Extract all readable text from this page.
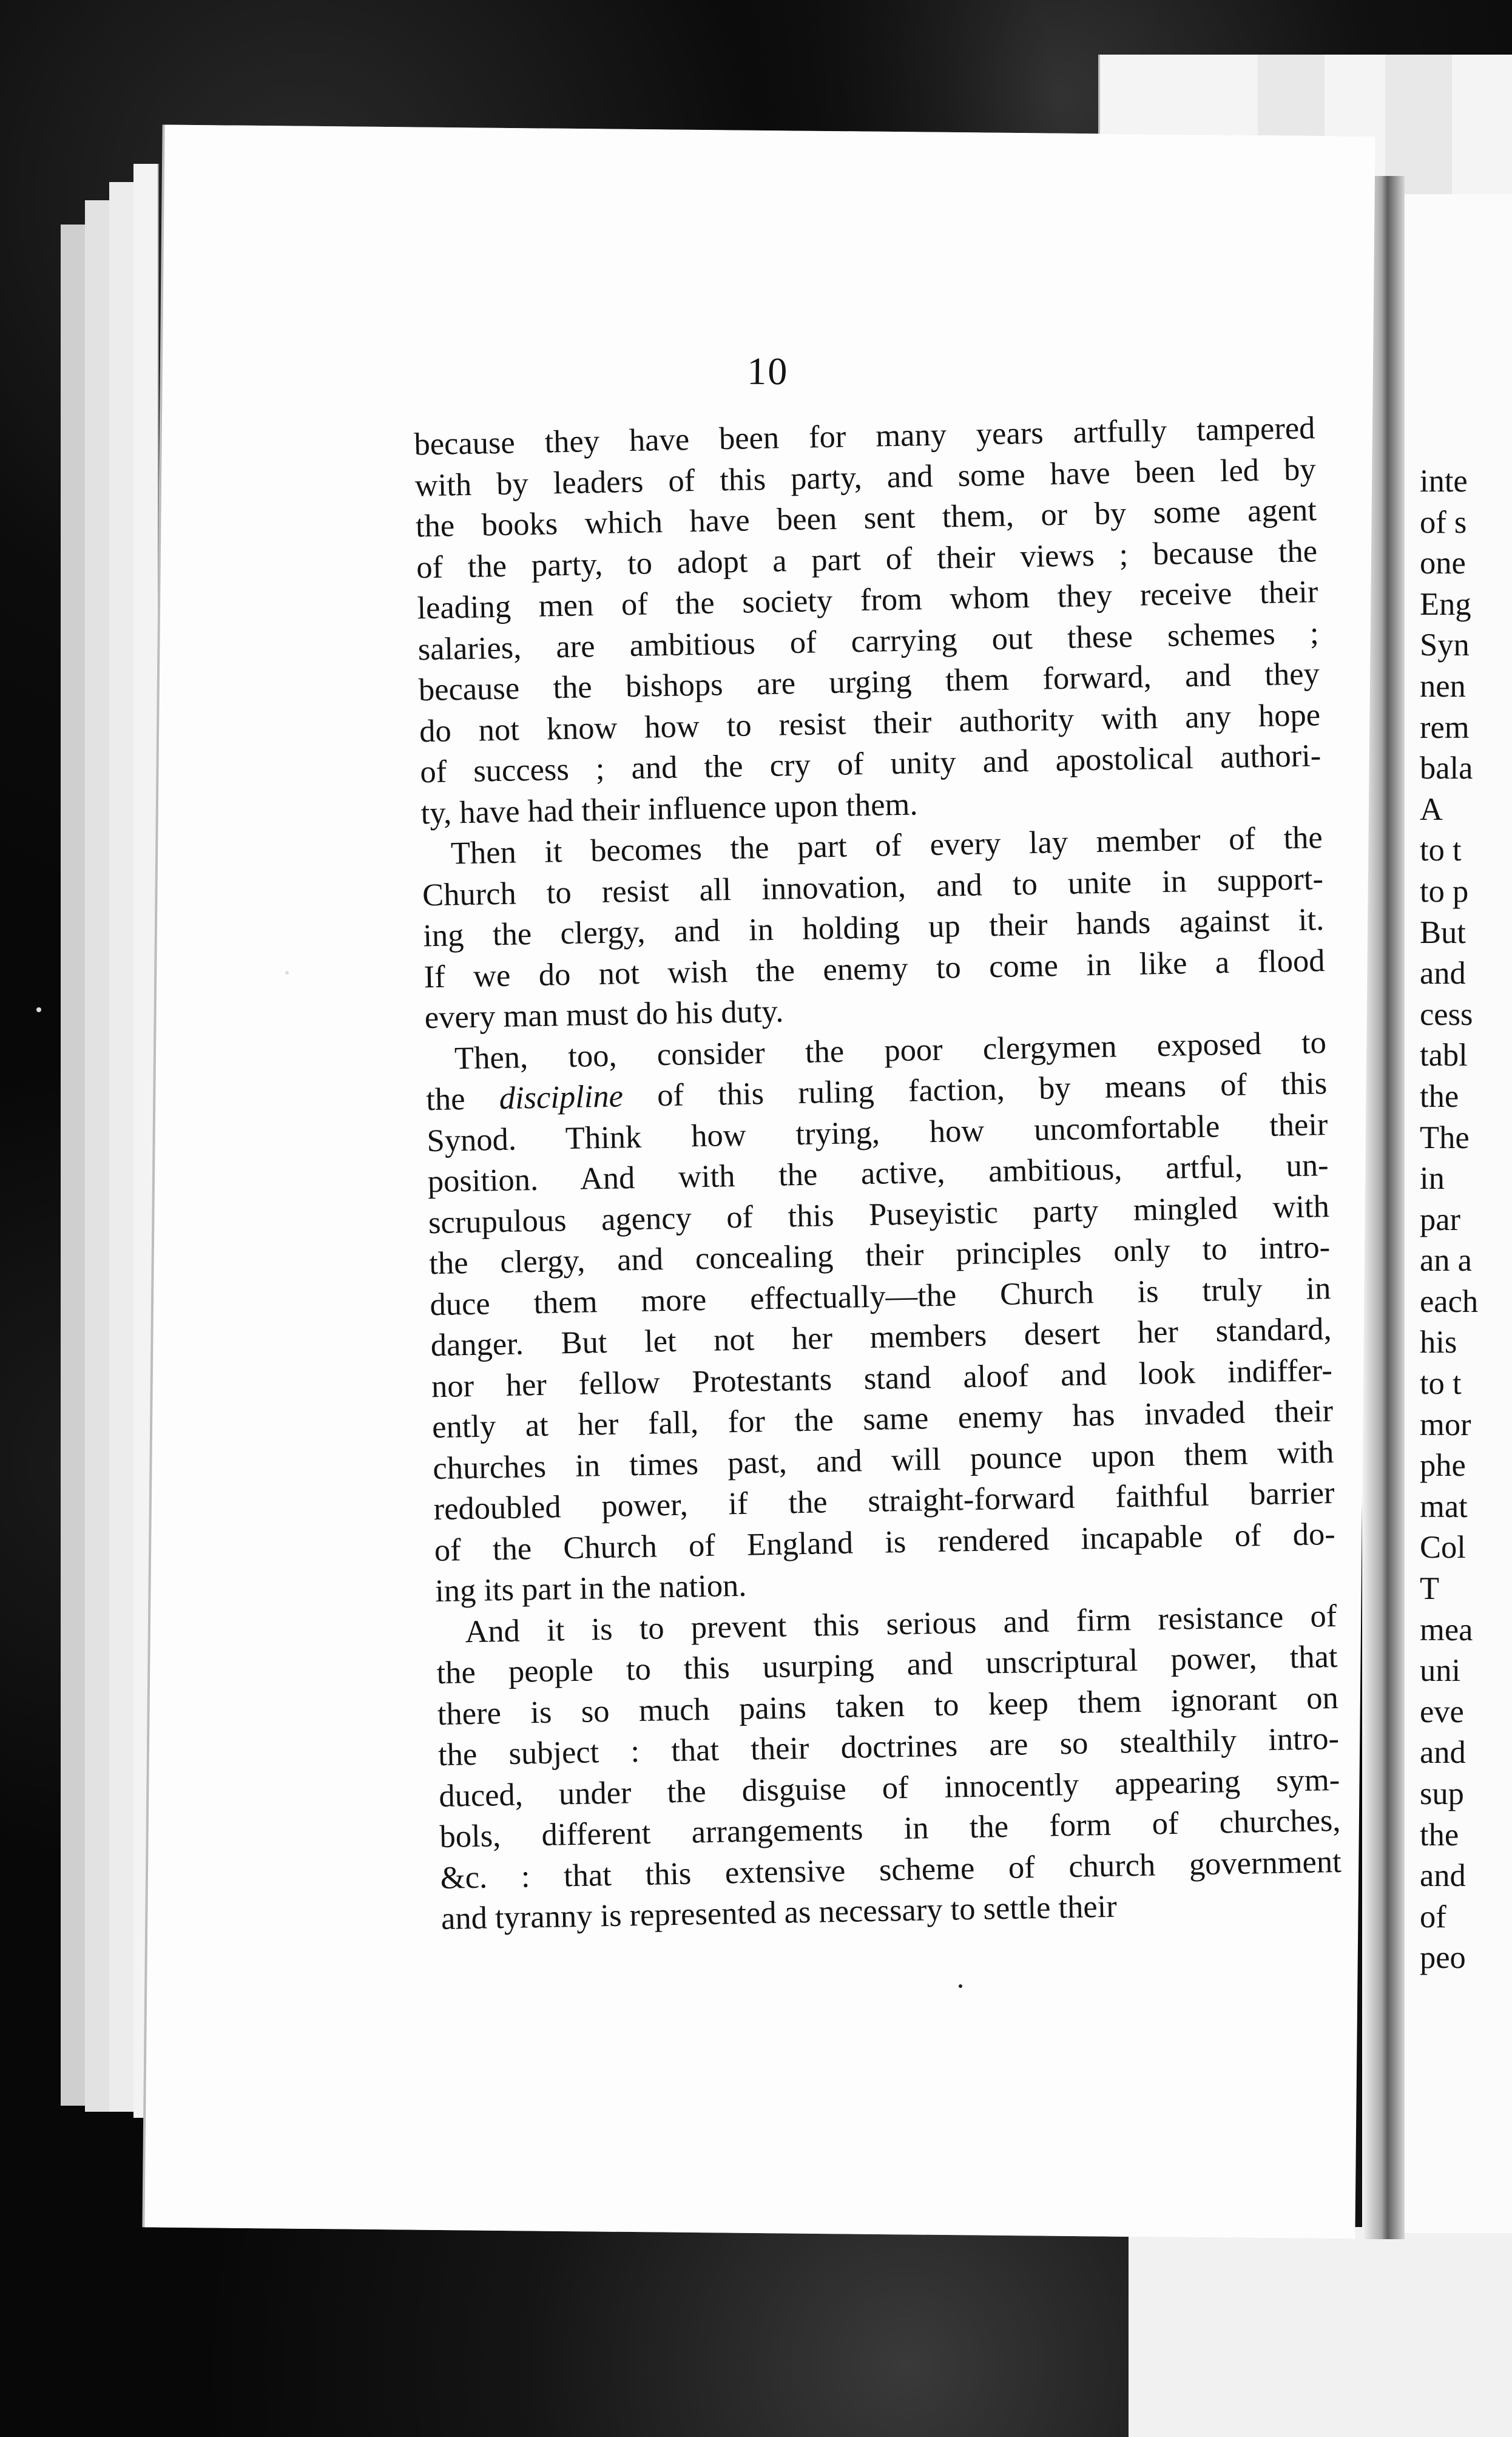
inte
of s
one
Eng
Syn
nen
rem
bala
A
to t
to p
But
and
cess
tabl
the
The
in
par
an a
each
his
to t
mor
phe
mat
Col
T
mea
uni
eve
and
sup
the
and
of
peo
10
because they have been for many years artfully tampered
with by leaders of this party, and some have been led by
the books which have been sent them, or by some agent
of the party, to adopt a part of their views ; because the
leading men of the society from whom they receive their
salaries, are ambitious of carrying out these schemes ;
because the bishops are urging them forward, and they
do not know how to resist their authority with any hope
of success ; and the cry of unity and apostolical authori-
ty, have had their influence upon them.
Then it becomes the part of every lay member of the
Church to resist all innovation, and to unite in support-
ing the clergy, and in holding up their hands against it.
If we do not wish the enemy to come in like a flood
every man must do his duty.
Then, too, consider the poor clergymen exposed to
the discipline of this ruling faction, by means of this
Synod. Think how trying, how uncomfortable their
position. And with the active, ambitious, artful, un-
scrupulous agency of this Puseyistic party mingled with
the clergy, and concealing their principles only to intro-
duce them more effectually—the Church is truly in
danger. But let not her members desert her standard,
nor her fellow Protestants stand aloof and look indiffer-
ently at her fall, for the same enemy has invaded their
churches in times past, and will pounce upon them with
redoubled power, if the straight-forward faithful barrier
of the Church of England is rendered incapable of do-
ing its part in the nation.
And it is to prevent this serious and firm resistance of
the people to this usurping and unscriptural power, that
there is so much pains taken to keep them ignorant on
the subject : that their doctrines are so stealthily intro-
duced, under the disguise of innocently appearing sym-
bols, different arrangements in the form of churches,
&c. : that this extensive scheme of church government
and tyranny is represented as necessary to settle their
